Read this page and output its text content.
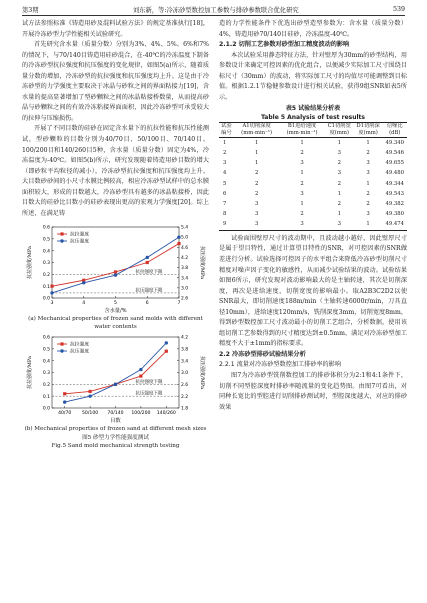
第3期	刘东新，等:冷冻砂型数控加工参数与排砂参数联合优化研究	539

试方法参照标准《铸造用砂及混料试验方法》的规定基准执行[18]，开展冷冻砂型力学性能相关试验研究。

首先研究含水量（质量分数）分别为3%、4%、5%、6%和7%的情况下，与70/140目铸造用硅砂混合，在-40℃的冷冻温度下制备的冷冻砂型抗拉强度和抗压强度的变化规律，如图5(a)所示，随着质量分数的增加，冷冻砂型的抗拉强度和抗压强度均上升。这是由于冷冻砂型的力学强度主要取决于冰晶与砂粒之间的界面粘接力[19]，含水量的提高显著增加了型砂颗粒之间的冰晶粘接桥数量，从而提高砂晶与砂颗粒之间的有效冷冻粘接界面面积，因此冷冻砂型可承受较大的拉伸与压缩损伤。

开展了不同目数的硅砂在固定含水量下的抗拉性能和抗压性能测试，型砂颗粒的目数分别为40/70目、50/100目、70/140目、100/200目和140/260目5种，含水量（质量分数）固定为4%，冷冻温度为-40℃。如图5(b)所示，研究发现随着铸造用砂目数的增大（即砂粒平均粒径的减小），冷冻砂型抗拉强度和抗压强度均上升。大目数砂砂间的小尺寸水膜比例较高，相应冷冻砂型试样中的总水膜面积较大，形成的目数越大，冷冻砂型具有越多的冰晶粘接桥，因此目数大的硅砂比目数小的硅砂表现出更高的宏观力学强度[20]。综上所述，在满足铸

0.0
0.1
0.2
0.3
0.4
0.5
0.6
2.6
3.0
3.4
3.8
4.2
4.6
5.0
5.4
3	4	5	6	7
含水量/%
抗拉强度/MPa	抗压强度/MPa
抗拉强度下限
抗压强度下限
抗拉强度
抗压强度
(a) Mechanical properties of frozen sand molds with different water contents
0.0
0.1
0.2
0.3
0.4
0.5
0.6
1.8
2.2
2.6
3.0
3.4
3.8
4.2
40/70 50/100 70/140 100/200 140/260
目数
抗拉强度/MPa	抗压强度/MPa
抗拉强度下限
抗压强度下限
抗拉强度
抗压强度
(b) Mechanical properties of frozen sand at different mesh sizes
图5 砂型力学性能强度测试
Fig.5 Sand mold mechanical strength testing

造的力学性能条件下优选出砂型造型参数为：含水量（质量分数）4%，铸造用砂70/140目硅砂，冷冻温度-40℃。

2.1.2 切削工艺参数对砂型加工精度波动的影响

本次试验采用静态特征方法，针对壁厚为30mm的砂型结构，用参数设计来确定可控因素的优化组合，以便减少实际加工尺寸围绕目标尺寸（30mm）的波动，将实际加工尺寸的均值尽可能调整到目标值。根据1.2.1节稳健参数设计进行相关试验，获得9组SNR如表5所示。

表5 试验结果分析表
Table 5 Analysis of test results
试验编号	A1切削深度(mm·min⁻¹)	B1进给速度(mm·min⁻¹)	C1切削宽度(mm)	D1切削深度(mm)	信噪比(dB)
1	1	1	1	1	49.340
2	1	2	3	2	49.546
3	1	3	2	3	49.655
4	2	1	3	3	49.480
5	2	2	2	1	49.344
6	2	3	1	2	49.543
7	3	1	2	2	49.382
8	3	2	1	3	49.380
9	3	3	3	1	49.474

试验面围壁厚尺寸的波动期中，且波动越小越好，因此壁厚尺寸是属于望目特性，通过计算望目特性的SNR，对可控因素的SNR做差进行分析。试验选择可控因子的水平组合来降低冷冻砂型切削尺寸精度对噪声因子变化的敏感性，从而减少试验结果的波动。试验结果如图6所示，研究发现对波动影响最大的是主轴转速，其次是切削深度，再次是进给速度，切削宽度的影响最小。取A2B3C2D2以使SNR最大，即切削速度188m/min（主轴转速6000r/min，刀具直径10mm），进给速度120mm/s，铣削深度3mm，切削宽度8mm，得到砂型数控加工尺寸波动最小的切削工艺组合，分析数据，使用该组切削工艺参数得到的尺寸精度达到±0.5mm，满足对冷冻砂型加工精度不大于±1mm的指标要求。

2.2 冷冻砂型排砂试验结果分析

2.2.1 流量对冷冻砂型数控加工排砂率的影响

图7为冷冻砂型铣削数控加工的排砂体积分为2:1和4:1条件下，切削不同型腔深度时排砂率随流量的变化趋势图。由图7可看出，对同种长宽比的型腔进行切削排砂测试时，型腔深度越大，对应的排砂效果
